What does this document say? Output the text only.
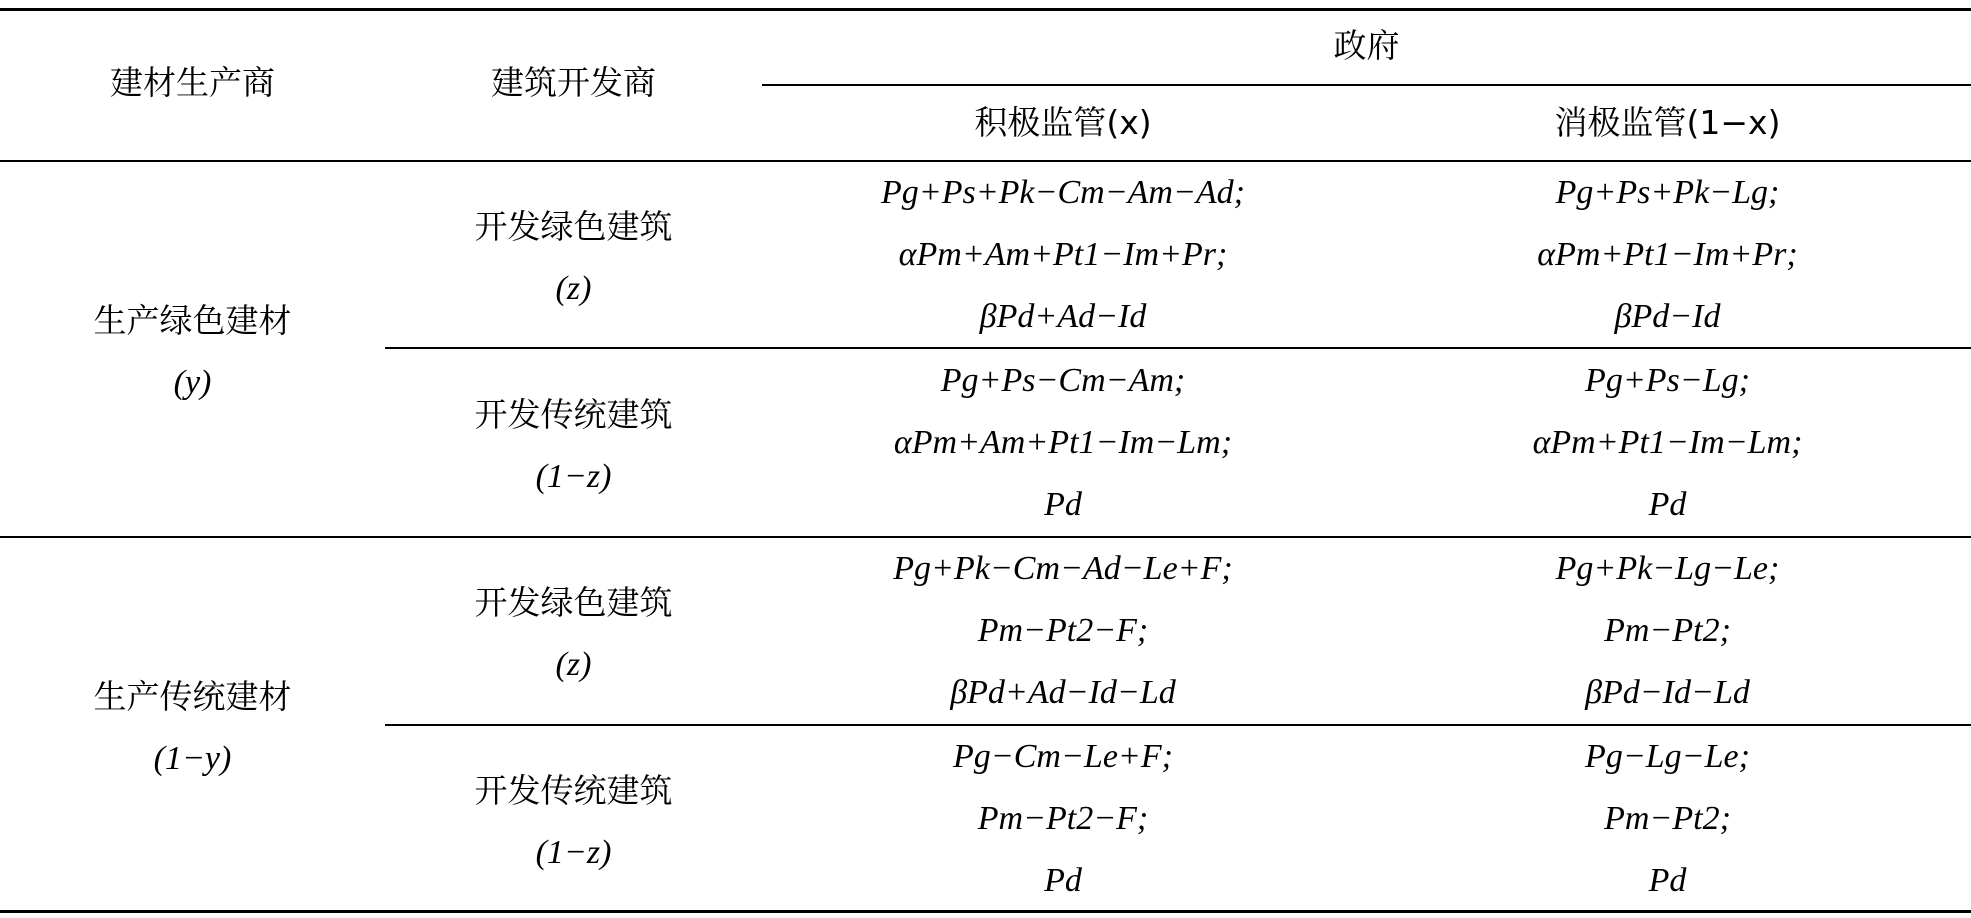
建材生产商	建筑开发商
政府
积极监管(x)	消极监管(1−x)
生产绿色建材
(y)
生产传统建材
(1−y)
开发绿色建筑
(z)
开发传统建筑
(1−z)
开发绿色建筑
(z)
开发传统建筑
(1−z)
Pg+Ps+Pk−Cm−Am−Ad;
αPm+Am+Pt1−Im+Pr;
βPd+Ad−Id
Pg+Ps−Cm−Am;
αPm+Am+Pt1−Im−Lm;
Pd
Pg+Pk−Cm−Ad−Le+F;
Pm−Pt2−F;
βPd+Ad−Id−Ld
Pg−Cm−Le+F;
Pm−Pt2−F;
Pd
Pg+Ps+Pk−Lg;
αPm+Pt1−Im+Pr;
βPd−Id
Pg+Ps−Lg;
αPm+Pt1−Im−Lm;
Pd
Pg+Pk−Lg−Le;
Pm−Pt2;
βPd−Id−Ld
Pg−Lg−Le;
Pm−Pt2;
Pd
